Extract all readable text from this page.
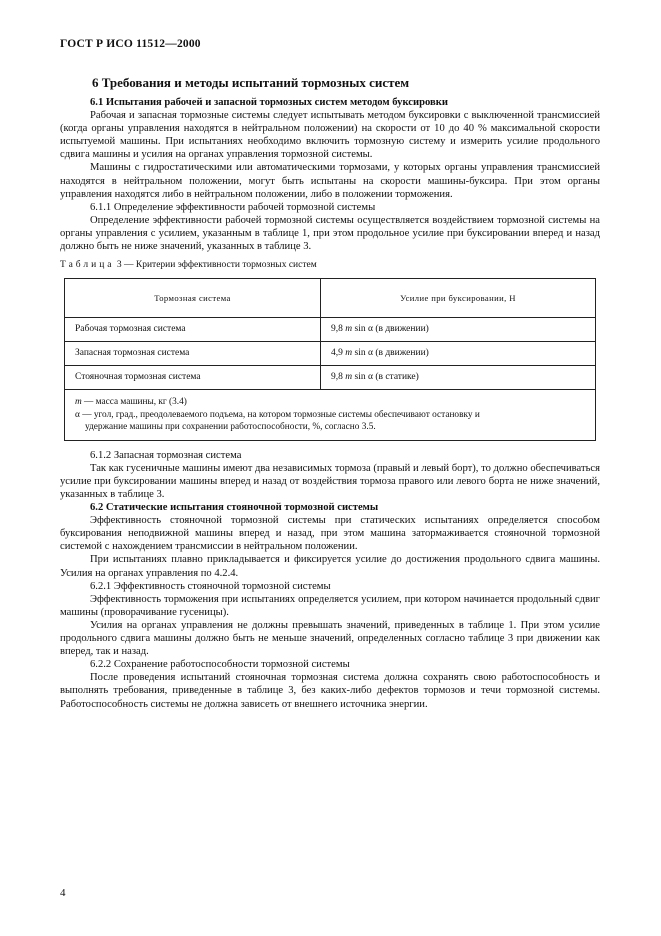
ГОСТ Р ИСО 11512—2000
6 Требования и методы испытаний тормозных систем

6.1 Испытания рабочей и запасной тормозных систем методом буксировки

Рабочая и запасная тормозные системы следует испытывать методом буксировки с выключенной трансмиссией (когда органы управления находятся в нейтральном положении) на скорости от 10 до 40 % максимальной скорости испытуемой машины. При испытаниях необходимо включить тормозную систему и измерить усилие продольного сдвига машины и усилия на органах управления тормозной системы.

Машины с гидростатическими или автоматическими тормозами, у которых органы управления трансмиссией находятся в нейтральном положении, могут быть испытаны на скорости машины-буксира. При этом органы управления находятся либо в нейтральном положении, либо в положении торможения.

6.1.1 Определение эффективности рабочей тормозной системы

Определение эффективности рабочей тормозной системы осуществляется воздействием тормозной системы на органы управления с усилием, указанным в таблице 1, при этом продольное усилие при буксировании вперед и назад должно быть не ниже значений, указанных в таблице 3.

Таблица 3 — Критерии эффективности тормозных систем

Тормозная система	Усилие при буксировании, Н
Рабочая тормозная система	9,8 m sin α (в движении)
Запасная тормозная система	4,9 m sin α (в движении)
Стояночная тормозная система	9,8 m sin α (в статике)

m — масса машины, кг (3.4)
α — угол, град., преодолеваемого подъема, на котором тормозные системы обеспечивают остановку и
удержание машины при сохранении работоспособности, %, согласно 3.5.	

6.1.2 Запасная тормозная система

Так как гусеничные машины имеют два независимых тормоза (правый и левый борт), то должно обеспечиваться усилие при буксировании машины вперед и назад от воздействия тормоза правого или левого борта не ниже значений, указанных в таблице 3.

6.2 Статические испытания стояночной тормозной системы

Эффективность стояночной тормозной системы при статических испытаниях определяется способом буксирования неподвижной машины вперед и назад, при этом машина затормаживается стояночной тормозной системой с нахождением трансмиссии в нейтральном положении.

При испытаниях плавно прикладывается и фиксируется усилие до достижения продольного сдвига машины. Усилия на органах управления по 4.2.4.

6.2.1 Эффективность стояночной тормозной системы

Эффективность торможения при испытаниях определяется усилием, при котором начинается продольный сдвиг машины (проворачивание гусеницы).

Усилия на органах управления не должны превышать значений, приведенных в таблице 1. При этом усилие продольного сдвига машины должно быть не меньше значений, определенных согласно таблице 3 при движении как вперед, так и назад.

6.2.2 Сохранение работоспособности тормозной системы

После проведения испытаний стояночная тормозная система должна сохранять свою работоспособность и выполнять требования, приведенные в таблице 3, без каких-либо дефектов тормозов и течи тормозной системы. Работоспособность системы не должна зависеть от внешнего источника энергии.

4
